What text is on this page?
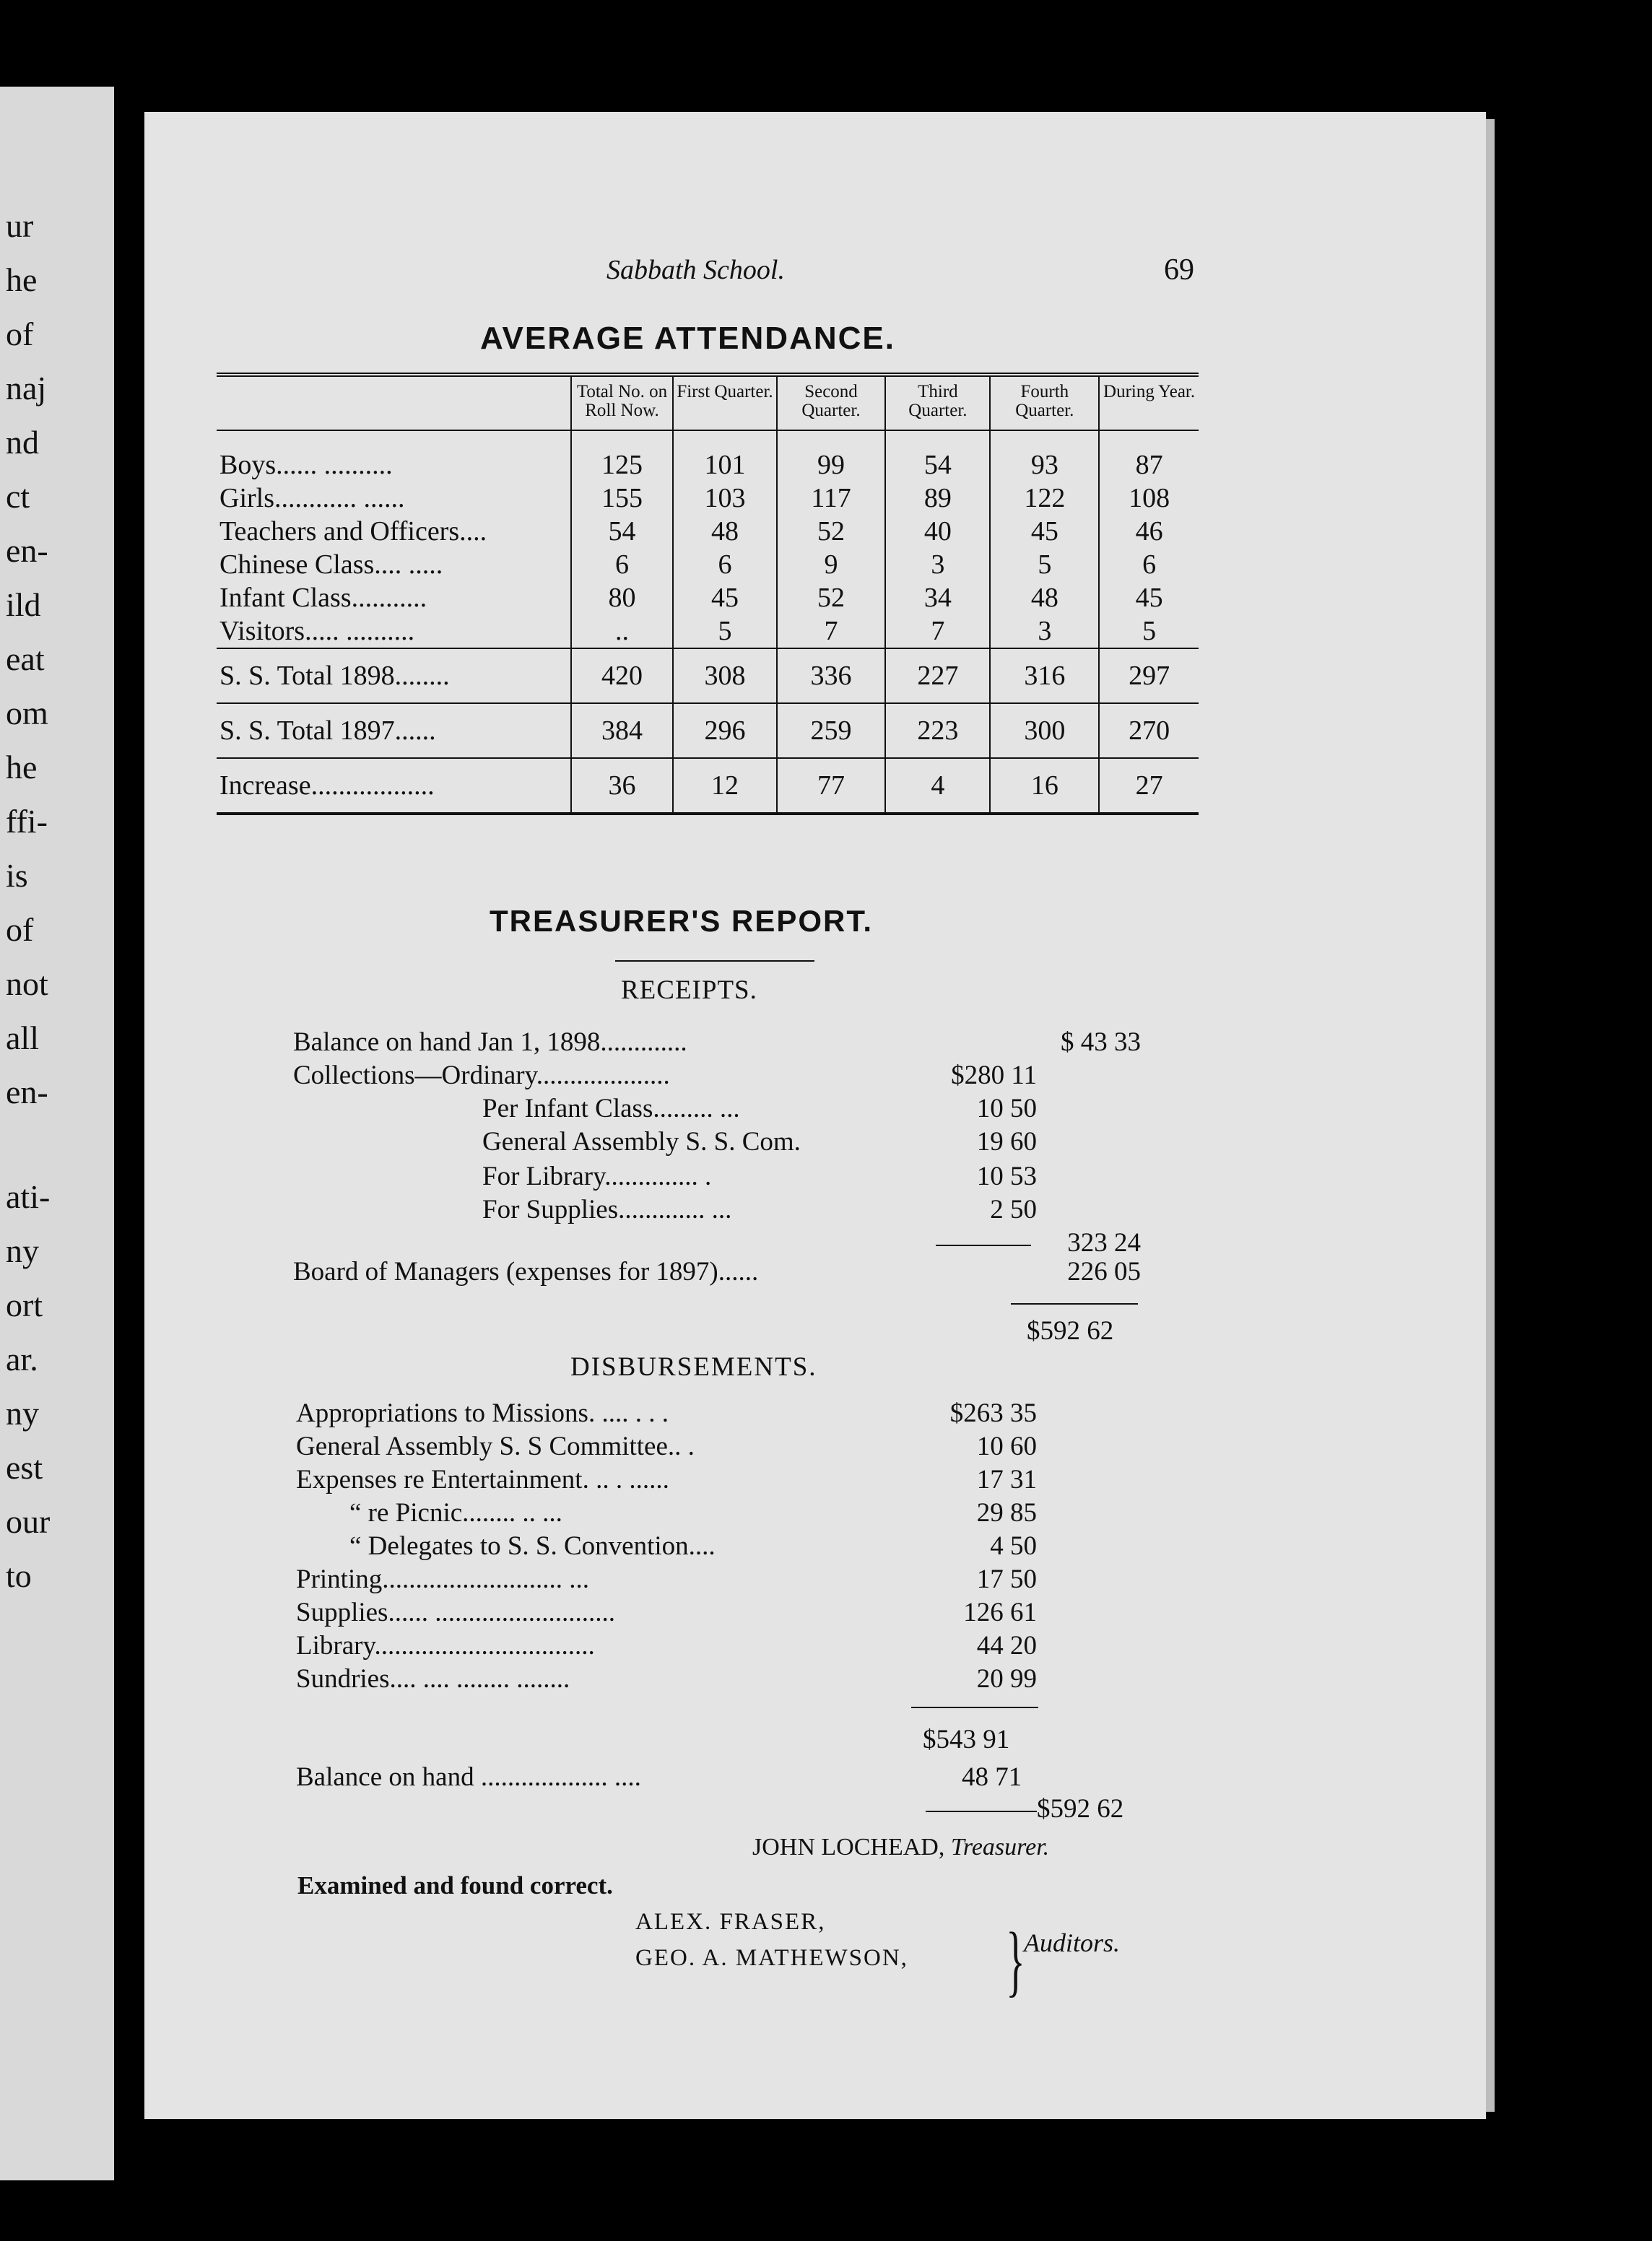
ur
he
of
naj
nd
ct
en-
ild
eat
om
he
ffi-
is
of
not
all
en-
ati-
ny
ort
ar.
ny
est
our
to
Sabbath School.	69
AVERAGE ATTENDANCE.
	Total No. on Roll Now.	First Quarter.	Second Quarter.	Third Quarter.	Fourth Quarter.	During Year.

Boys...... ..........	125	101	99	54	93	87
Girls............ ......	155	103	117	89	122	108
Teachers and Officers....	54	48	52	40	45	46
Chinese Class.... .....	6	6	9	3	5	6
Infant Class...........	80	45	52	34	48	45
Visitors..... ..........	..	5	7	7	3	5
S. S. Total 1898........	420	308	336	227	316	297
S. S. Total 1897......	384	296	259	223	300	270
Increase..................	36	12	77	4	16	27
TREASURER'S REPORT.
RECEIPTS.
Balance on hand Jan 1, 1898.............	$ 43 33
Collections—Ordinary....................	$280 11
Per Infant Class......... ...	10 50
General Assembly S. S. Com.	19 60
For Library.............. .	10 53
For Supplies............. ...	2 50
323 24
Board of Managers (expenses for 1897)......	226 05
$592 62
DISBURSEMENTS.
Appropriations to Missions. .... . . .	$263 35
General Assembly S. S Committee.. .	10 60
Expenses re Entertainment. .. . ......	17 31
“ re Picnic........ .. ...	29 85
“ Delegates to S. S. Convention....	4 50
Printing........................... ...	17 50
Supplies...... ...........................	126 61
Library.................................	44 20
Sundries.... .... ........ ........	20 99
$543 91
Balance on hand ................... ....	48 71
$592 62
JOHN LOCHEAD, Treasurer.
Examined and found correct.
ALEX. FRASER,
GEO. A. MATHEWSON, }
Auditors.
